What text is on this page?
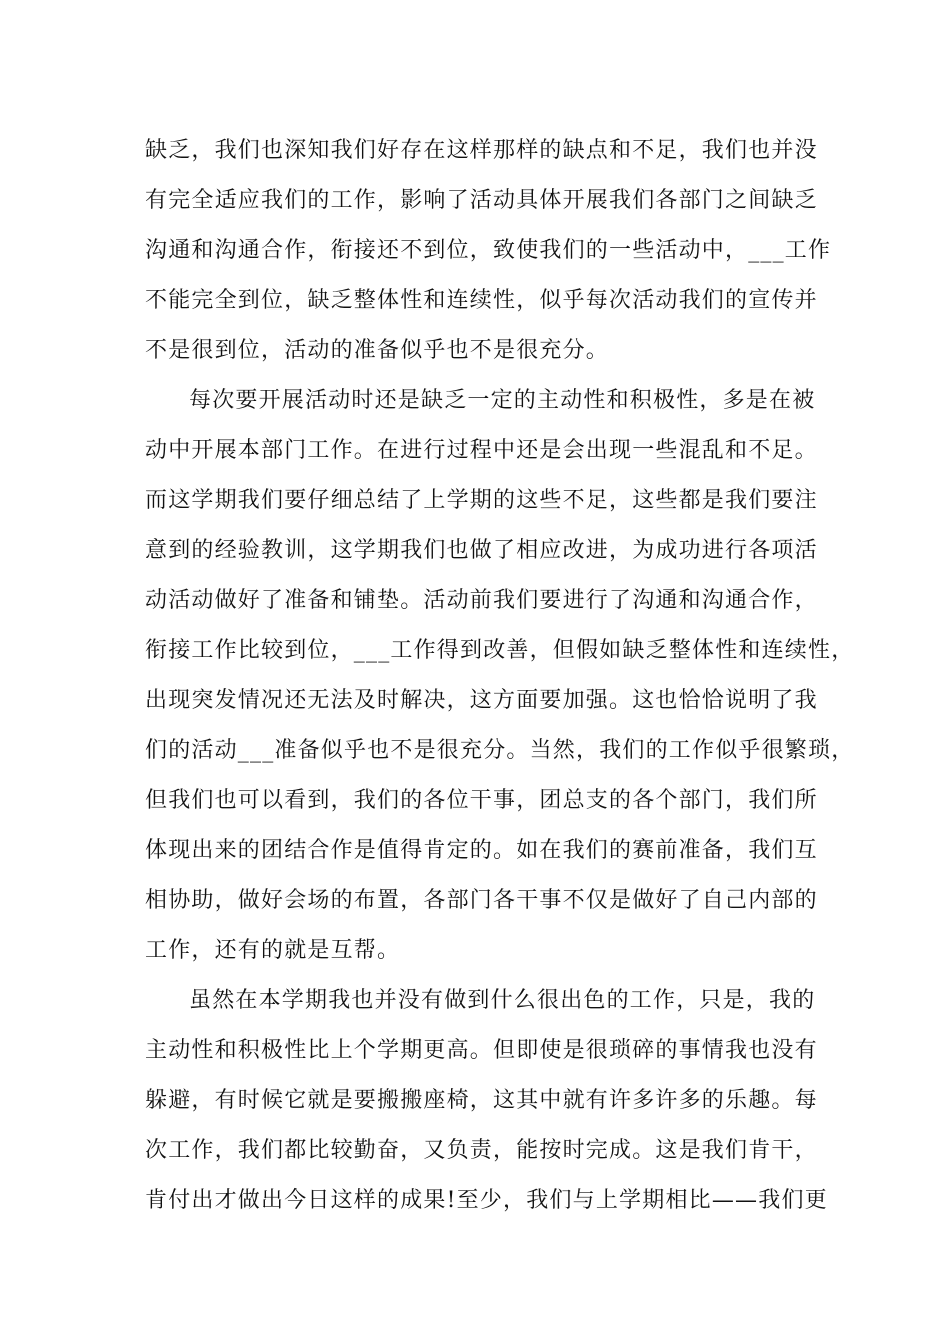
缺乏，我们也深知我们好存在这样那样的缺点和不足，我们也并没
有完全适应我们的工作，影响了活动具体开展我们各部门之间缺乏
沟通和沟通合作，衔接还不到位，致使我们的一些活动中，___工作
不能完全到位，缺乏整体性和连续性，似乎每次活动我们的宣传并
不是很到位，活动的准备似乎也不是很充分。
每次要开展活动时还是缺乏一定的主动性和积极性，多是在被
动中开展本部门工作。在进行过程中还是会出现一些混乱和不足。
而这学期我们要仔细总结了上学期的这些不足，这些都是我们要注
意到的经验教训，这学期我们也做了相应改进，为成功进行各项活
动活动做好了准备和铺垫。活动前我们要进行了沟通和沟通合作，
衔接工作比较到位，___工作得到改善，但假如缺乏整体性和连续性，
出现突发情况还无法及时解决，这方面要加强。这也恰恰说明了我
们的活动___准备似乎也不是很充分。当然，我们的工作似乎很繁琐，
但我们也可以看到，我们的各位干事，团总支的各个部门，我们所
体现出来的团结合作是值得肯定的。如在我们的赛前准备，我们互
相协助，做好会场的布置，各部门各干事不仅是做好了自己内部的
工作，还有的就是互帮。
虽然在本学期我也并没有做到什么很出色的工作，只是，我的
主动性和积极性比上个学期更高。但即使是很琐碎的事情我也没有
躲避，有时候它就是要搬搬座椅，这其中就有许多许多的乐趣。每
次工作，我们都比较勤奋，又负责，能按时完成。这是我们肯干，
肯付出才做出今日这样的成果!至少，我们与上学期相比——我们更
